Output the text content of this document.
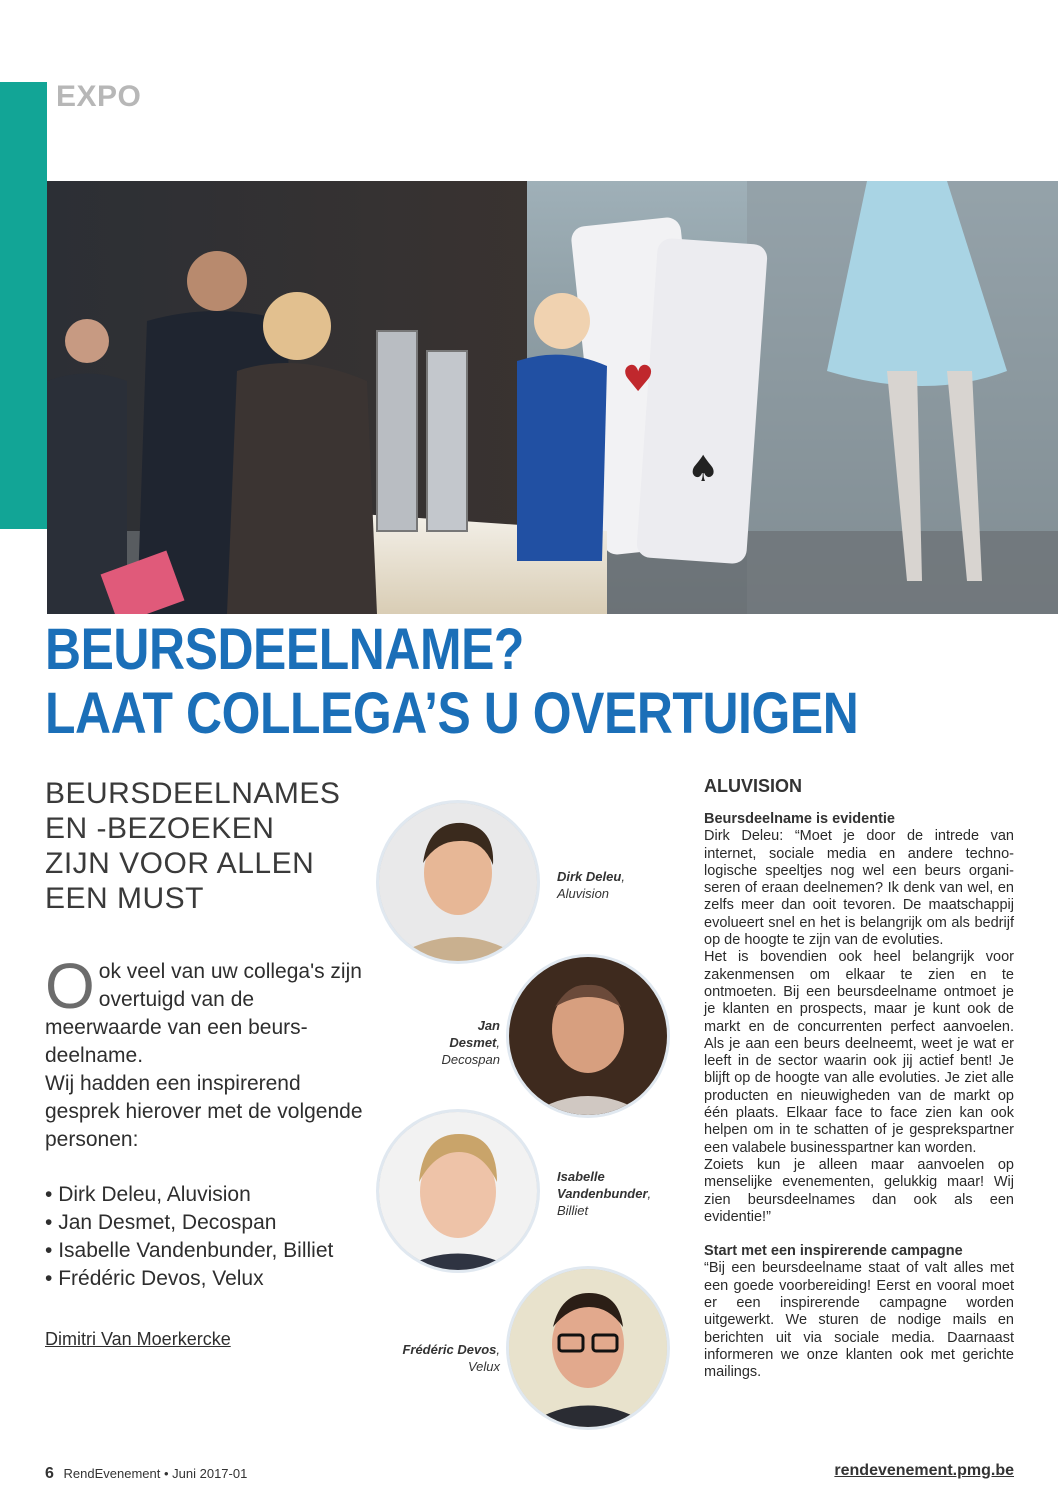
EXPO
♥
♠
BEURSDEELNAME?
LAAT COLLEGA’S U OVERTUIGEN
BEURSDEELNAMES
EN -BEZOEKEN
ZIJN VOOR ALLEN
EEN MUST
O ok veel van uw collega's zijn overtuigd van de meerwaarde van een beursdeelname.

Wij hadden een inspirerend gesprek hierover met de volgende personen:

• Dirk Deleu, Aluvision
• Jan Desmet, Decospan
• Isabelle Vandenbunder, Billiet
• Frédéric Devos, Velux
Dimitri Van Moerkercke
Dirk Deleu,
Aluvision
Jan Desmet,
Decospan
Isabelle
Vandenbunder,
Billiet
Frédéric Devos,
Velux
ALUVISION
Beursdeelname is evidentie

Dirk Deleu: “Moet je door de intrede van internet, sociale media en andere technologische speeltjes nog wel een beurs organiseren of eraan deelnemen? Ik denk van wel, en zelfs meer dan ooit tevoren. De maatschappij evolueert snel en het is belangrijk om als bedrijf op de hoogte te zijn van de evoluties.

Het is bovendien ook heel belangrijk voor zakenmensen om elkaar te zien en te ontmoeten. Bij een beursdeelname ontmoet je je klanten en prospects, maar je kunt ook de markt en de concurrenten perfect aanvoelen. Als je aan een beurs deelneemt, weet je wat er leeft in de sector waarin ook jij actief bent! Je blijft op de hoogte van alle evoluties. Je ziet alle producten en nieuwigheden van de markt op één plaats. Elkaar face to face zien kan ook helpen om in te schatten of je gesprekspartner een valabele businesspartner kan worden.

Zoiets kun je alleen maar aanvoelen op menselijke evenementen, gelukkig maar! Wij zien beursdeelnames dan ook als een evidentie!”

Start met een inspirerende campagne

“Bij een beursdeelname staat of valt alles met een goede voorbereiding! Eerst en vooral moet er een inspirerende campagne worden uitgewerkt. We sturen de nodige mails en berichten uit via sociale media. Daarnaast informeren we onze klanten ook met gerichte mailings.

6 RendEvenement • Juni 2017-01	rendevenement.pmg.be
